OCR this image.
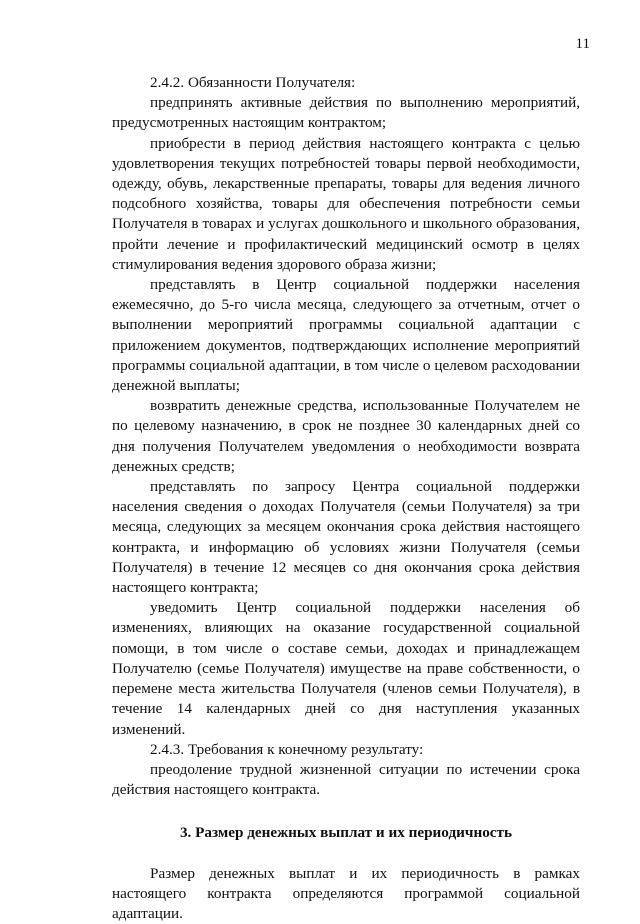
11

2.4.2. Обязанности Получателя:

предпринять активные действия по выполнению мероприятий, предусмотренных настоящим контрактом;

приобрести в период действия настоящего контракта с целью удовлетворения текущих потребностей товары первой необходимости, одежду, обувь, лекарственные препараты, товары для ведения личного подсобного хозяйства, товары для обеспечения потребности семьи Получателя в товарах и услугах дошкольного и школьного образования, пройти лечение и профилактический медицинский осмотр в целях стимулирования ведения здорового образа жизни;

представлять в Центр социальной поддержки населения ежемесячно, до 5-го числа месяца, следующего за отчетным, отчет о выполнении мероприятий программы социальной адаптации с приложением документов, подтверждающих исполнение мероприятий программы социальной адаптации, в том числе о целевом расходовании денежной выплаты;

возвратить денежные средства, использованные Получателем не по целевому назначению, в срок не позднее 30 календарных дней со дня получения Получателем уведомления о необходимости возврата денежных средств;

представлять по запросу Центра социальной поддержки населения сведения о доходах Получателя (семьи Получателя) за три месяца, следующих за месяцем окончания срока действия настоящего контракта, и информацию об условиях жизни Получателя (семьи Получателя) в течение 12 месяцев со дня окончания срока действия настоящего контракта;

уведомить Центр социальной поддержки населения об изменениях, влияющих на оказание государственной социальной помощи, в том числе о составе семьи, доходах и принадлежащем Получателю (семье Получателя) имуществе на праве собственности, о перемене места жительства Получателя (членов семьи Получателя), в течение 14 календарных дней со дня наступления указанных изменений.

2.4.3. Требования к конечному результату:

преодоление трудной жизненной ситуации по истечении срока действия настоящего контракта.

3. Размер денежных выплат и их периодичность

Размер денежных выплат и их периодичность в рамках настоящего контракта определяются программой социальной адаптации.
